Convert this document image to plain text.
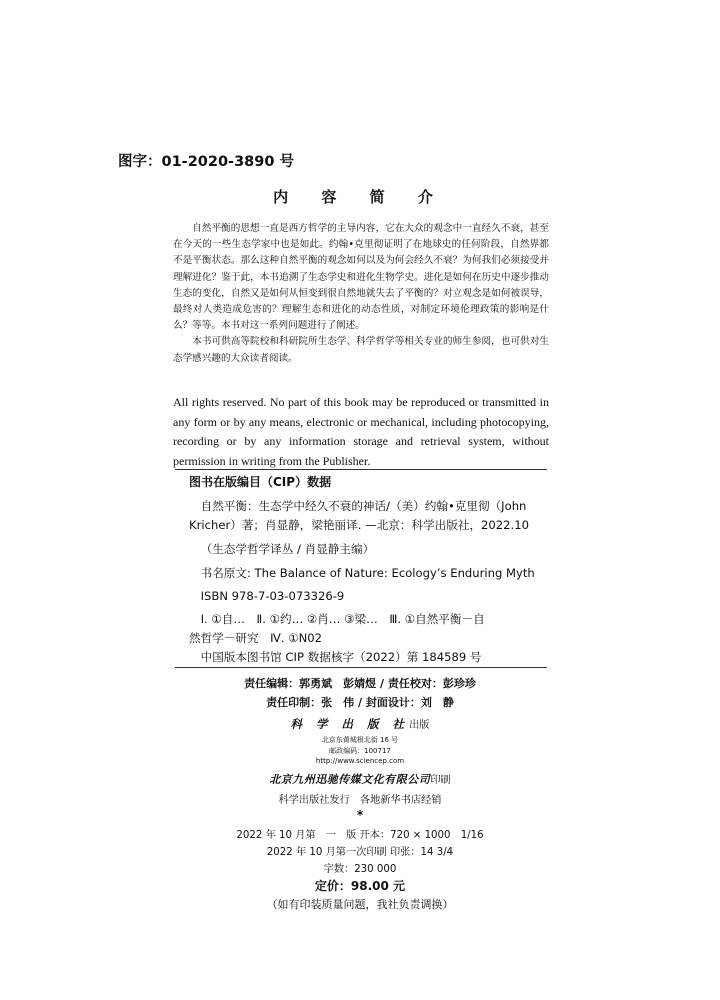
图字：01-2020-3890 号
内 容 简 介

自然平衡的思想一直是西方哲学的主导内容，它在大众的观念中一直经久不衰，甚至在今天的一些生态学家中也是如此。约翰•克里彻证明了在地球史的任何阶段，自然界都不是平衡状态。那么这种自然平衡的观念如何以及为何会经久不衰？为何我们必须接受并理解进化？鉴于此，本书追溯了生态学史和进化生物学史。进化是如何在历史中逐步推动生态的变化，自然又是如何从恒变到很自然地就失去了平衡的？对立观念是如何被误导，最终对人类造成危害的？理解生态和进化的动态性质，对制定环境伦理政策的影响是什么？等等。本书对这一系列问题进行了阐述。

本书可供高等院校和科研院所生态学、科学哲学等相关专业的师生参阅，也可供对生态学感兴趣的大众读者阅读。

All rights reserved. No part of this book may be reproduced or transmitted in any form or by any means, electronic or mechanical, including photocopying, recording or by any information storage and retrieval system, without permission in writing from the Publisher.
图书在版编目（CIP）数据
自然平衡：生态学中经久不衰的神话/（美）约翰•克里彻（John
Kricher）著；肖显静，梁艳丽译. —北京：科学出版社，2022.10
（生态学哲学译丛 / 肖显静主编）
书名原文: The Balance of Nature: Ecology’s Enduring Myth
ISBN 978-7-03-073326-9
Ⅰ. ①自…　Ⅱ. ①约… ②肖… ③梁…　Ⅲ. ①自然平衡－自
然哲学－研究　Ⅳ. ①N02
中国版本图书馆 CIP 数据核字（2022）第 184589 号
责任编辑：郭勇斌　彭婧煜 / 责任校对：彭珍珍
责任印制：张　伟 / 封面设计：刘　静
科 学 出 版 社出版
北京东黄城根北街 16 号
邮政编码：100717
http://www.sciencep.com
北京九州迅驰传媒文化有限公司印刷
科学出版社发行　各地新华书店经销
*
2022 年 10 月第　一　版 开本：720 × 1000　1/16
2022 年 10 月第一次印刷 印张：14 3/4
字数：230 000
定价：98.00 元
（如有印装质量问题，我社负责调换）
